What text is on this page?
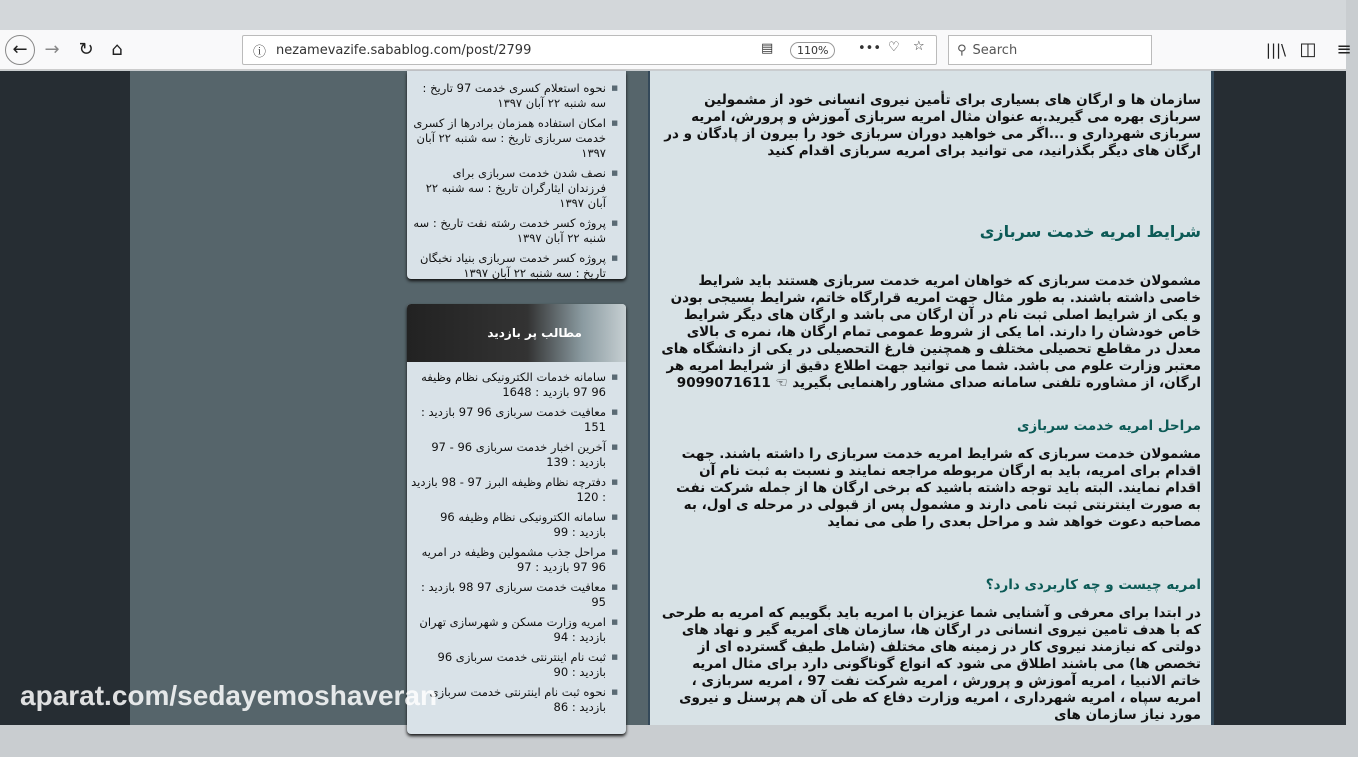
← →	↻ ⌂	ⓘ nezamevazife.sabablog.com/post/2799	▤	110%	••• ♡ ☆ ⚲ Search	|||\ ◫	≡
■ نحوه استعلام کسری خدمت 97 تاریخ : سه شنبه ۲۲ آبان ۱۳۹۷
■ امکان استفاده همزمان برادرها از کسری خدمت سربازی تاریخ : سه شنبه ۲۲ آبان ۱۳۹۷
■ نصف شدن خدمت سربازی برای فرزندان ایثارگران تاریخ : سه شنبه ۲۲ آبان ۱۳۹۷
■ پروژه کسر خدمت رشته نفت تاریخ : سه شنبه ۲۲ آبان ۱۳۹۷
■ پروژه کسر خدمت سربازی بنیاد نخبگان تاریخ : سه شنبه ۲۲ آبان ۱۳۹۷
مطالب پر بازدید
■ سامانه خدمات الکترونیکی نظام وظیفه 96 97 بازدید : 1648
■ معافیت خدمت سربازی 96 97 بازدید : 151
■ آخرین اخبار خدمت سربازی 96 - 97 بازدید : 139
■ دفترچه نظام وظیفه البرز 97 - 98 بازدید : 120
■ سامانه الکترونیکی نظام وظیفه 96 بازدید : 99
■ مراحل جذب مشمولین وظیفه در امریه 96 97 بازدید : 97
■ معافیت خدمت سربازی 97 98 بازدید : 95
■ امریه وزارت مسکن و شهرسازی تهران بازدید : 94
■ ثبت نام اینترنتی خدمت سربازی 96 بازدید : 90
■ نحوه ثبت نام اینترنتی خدمت سربازی بازدید : 86

سازمان ها و ارگان های بسیاری برای تأمین نیروی انسانی خود از مشمولین سربازی بهره می گیرید.به عنوان مثال امریه سربازی آموزش و پرورش، امریه سربازی شهرداری و ...اگر می خواهید دوران سربازی خود را بیرون از پادگان و در ارگان های دیگر بگذرانید، می توانید برای امریه سربازی اقدام کنید

شرایط امریه خدمت سربازی

مشمولان خدمت سربازی که خواهان امریه خدمت سربازی هستند باید شرایط خاصی داشته باشند. به طور مثال جهت امریه قرارگاه خاتم، شرایط بسیجی بودن و یکی از شرایط اصلی ثبت نام در آن ارگان می باشد و ارگان های دیگر شرایط خاص خودشان را دارند. اما یکی از شروط عمومی تمام ارگان ها، نمره ی بالای معدل در مقاطع تحصیلی مختلف و همچنین فارغ التحصیلی در یکی از دانشگاه های معتبر وزارت علوم می باشد. شما می توانید جهت اطلاع دقیق از شرایط امریه هر ارگان، از مشاوره تلفنی سامانه صدای مشاور راهنمایی بگیرید ☜ 9099071611

مراحل امریه خدمت سربازی

مشمولان خدمت سربازی که شرایط امریه خدمت سربازی را داشته باشند. جهت اقدام برای امریه، باید به ارگان مربوطه مراجعه نمایند و نسبت به ثبت نام آن اقدام نمایند. البته باید توجه داشته باشید که برخی ارگان ها از جمله شرکت نفت به صورت اینترنتی ثبت نامی دارند و مشمول پس از قبولی در مرحله ی اول، به مصاحبه دعوت خواهد شد و مراحل بعدی را طی می نماید

امریه چیست و چه کاربردی دارد؟

در ابتدا برای معرفی و آشنایی شما عزیزان با امریه باید بگوییم که امریه به طرحی که با هدف تامین نیروی انسانی در ارگان ها، سازمان های امریه گیر و نهاد های دولتی که نیازمند نیروی کار در زمینه های مختلف (شامل طیف گسترده ای از تخصص ها) می باشند اطلاق می شود که انواع گوناگونی دارد برای مثال امریه خاتم الانبیا ، امریه آموزش و پرورش ، امریه شرکت نفت 97 ، امریه سربازی ، امریه سپاه ، امریه شهرداری ، امریه وزارت دفاع که طی آن هم پرسنل و نیروی مورد نیاز سازمان های

aparat.com/sedayemoshaveran
